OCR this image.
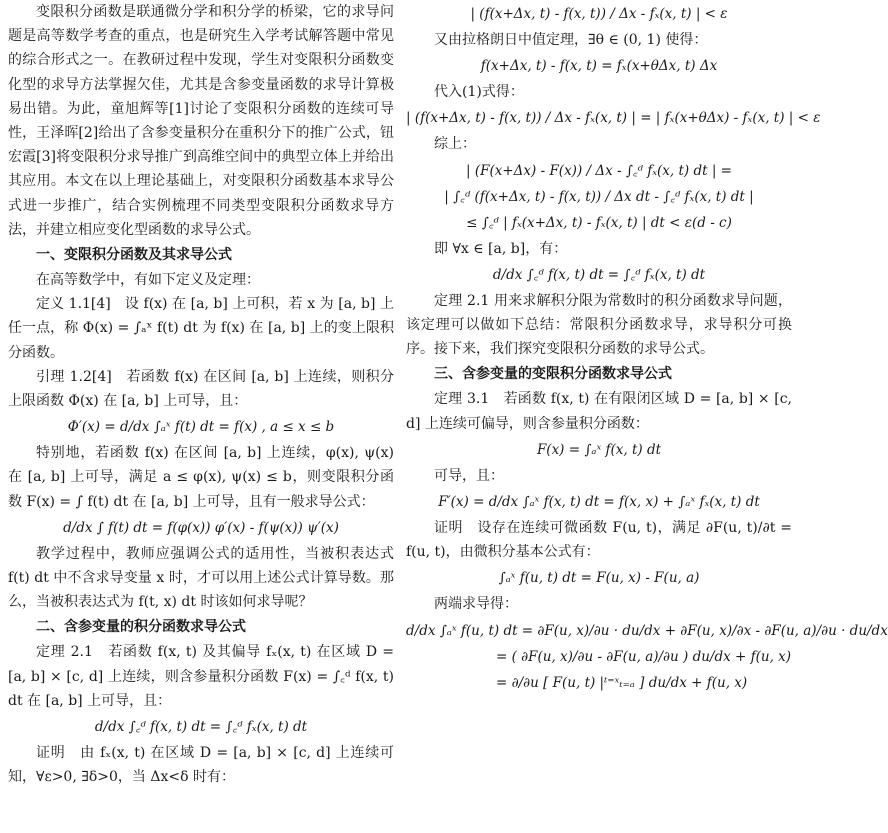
变限积分函数是联通微分学和积分学的桥梁，它的求导问题是高等数学考查的重点，也是研究生入学考试解答题中常见的综合形式之一。在教研过程中发现，学生对变限积分函数变化型的求导方法掌握欠佳，尤其是含参变量函数的求导计算极易出错。为此，童旭辉等[1]讨论了变限积分函数的连续可导性，王泽晖[2]给出了含参变量积分在重积分下的推广公式，钮宏霞[3]将变限积分求导推广到高维空间中的典型立体上并给出其应用。本文在以上理论基础上，对变限积分函数基本求导公式进一步推广，结合实例梳理不同类型变限积分函数求导方法，并建立相应变化型函数的求导公式。

一、变限积分函数及其求导公式

在高等数学中，有如下定义及定理：

定义 1.1[4]　设 f(x) 在 [a, b] 上可积，若 x 为 [a, b] 上任一点，称 Φ(x) = ∫ₐˣ f(t) dt 为 f(x) 在 [a, b] 上的变上限积分函数。

引理 1.2[4]　若函数 f(x) 在区间 [a, b] 上连续，则积分上限函数 Φ(x) 在 [a, b] 上可导，且：

Φ′(x) = d/dx ∫ₐˣ f(t) dt = f(x) , a ≤ x ≤ b

特别地，若函数 f(x) 在区间 [a, b] 上连续，φ(x), ψ(x) 在 [a, b] 上可导，满足 a ≤ φ(x), ψ(x) ≤ b，则变限积分函数 F(x) = ∫ f(t) dt 在 [a, b] 上可导，且有一般求导公式：

d/dx ∫ f(t) dt = f(φ(x)) φ′(x) - f(ψ(x)) ψ′(x)

教学过程中，教师应强调公式的适用性，当被积表达式 f(t) dt 中不含求导变量 x 时，才可以用上述公式计算导数。那么，当被积表达式为 f(t, x) dt 时该如何求导呢？

二、含参变量的积分函数求导公式

定理 2.1　若函数 f(x, t) 及其偏导 fₓ(x, t) 在区域 D = [a, b] × [c, d] 上连续，则含参量积分函数 F(x) = ∫꜀ᵈ f(x, t) dt 在 [a, b] 上可导，且：

d/dx ∫꜀ᵈ f(x, t) dt = ∫꜀ᵈ fₓ(x, t) dt

证明　由 fₓ(x, t) 在区域 D = [a, b] × [c, d] 上连续可知，∀ε>0, ∃δ>0，当 Δx<δ 时有：

| (f(x+Δx, t) - f(x, t)) / Δx - fₓ(x, t) | < ε

又由拉格朗日中值定理，∃θ ∈ (0, 1) 使得：

f(x+Δx, t) - f(x, t) = fₓ(x+θΔx, t) Δx

代入(1)式得：

| (f(x+Δx, t) - f(x, t)) / Δx - fₓ(x, t) | = | fₓ(x+θΔx) - fₓ(x, t) | < ε

综上：

| (F(x+Δx) - F(x)) / Δx - ∫꜀ᵈ fₓ(x, t) dt | =

| ∫꜀ᵈ (f(x+Δx, t) - f(x, t)) / Δx dt - ∫꜀ᵈ fₓ(x, t) dt |

≤ ∫꜀ᵈ | fₓ(x+Δx, t) - fₓ(x, t) | dt < ε(d - c)

即 ∀x ∈ [a, b]，有：

d/dx ∫꜀ᵈ f(x, t) dt = ∫꜀ᵈ fₓ(x, t) dt

定理 2.1 用来求解积分限为常数时的积分函数求导问题，该定理可以做如下总结：常限积分函数求导，求导积分可换序。接下来，我们探究变限积分函数的求导公式。

三、含参变量的变限积分函数求导公式

定理 3.1　若函数 f(x, t) 在有限闭区域 D = [a, b] × [c, d] 上连续可偏导，则含参量积分函数：

F(x) = ∫ₐˣ f(x, t) dt

可导，且：

F′(x) = d/dx ∫ₐˣ f(x, t) dt = f(x, x) + ∫ₐˣ fₓ(x, t) dt

证明　设存在连续可微函数 F(u, t)，满足 ∂F(u, t)/∂t = f(u, t)，由微积分基本公式有：

∫ₐˣ f(u, t) dt = F(u, x) - F(u, a)

两端求导得：

d/dx ∫ₐˣ f(u, t) dt = ∂F(u, x)/∂u · du/dx + ∂F(u, x)/∂x - ∂F(u, a)/∂u · du/dx

= ( ∂F(u, x)/∂u - ∂F(u, a)/∂u ) du/dx + f(u, x)

= ∂/∂u [ F(u, t) |ᵗ⁼ˣₜ₌ₐ ] du/dx + f(u, x)
